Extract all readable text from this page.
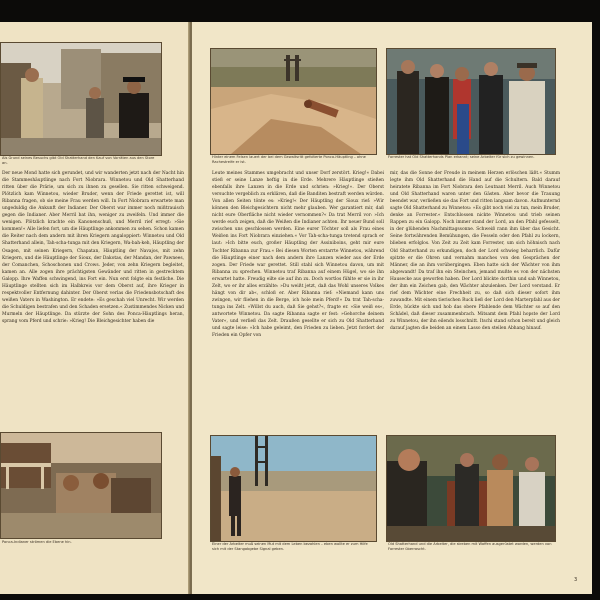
Als Grund seines Besuchs gibt Old Shatterhand den Kauf von Vorräten aus den Store an.
Der neue Mond hatte sich gerundet, und wir wanderten jetzt nach der Nacht hin die Stammeshäuptlinge nach Fort Niobrara. Winnetou und Old Shatterhand ritten über die Prärie, um sich zu ihnen zu gesellen. Sie ritten schweigend. Plötzlich kam Winnetou, wieder Bruder, wenn der Friede gerettet ist, will Ribanna fragen, ob sie meine Frau werden will. In Fort Niobrara erwartete man ungeduldig die Ankunft der Indianer. Der Oberst war immer noch mißtrauisch gegen die Indianer. Aber Merril bat ihn, weniger zu zweifeln. Und immer die wenigen. Plötzlich krachte ein Kanonenschuß, und Merril rief erregt: »Sie kommen!« Alle liefen fort, um die Häuptlinge ankommen zu sehen. Schon kamen die Reiter nach dem andern mit ihren Kriegern angaloppiert: Winnetou und Old Shatterhand allein, Tah-scha-tunga mit den Kriegern, Wa-bah-keh, Häuptling der Osagen, mit seinen Kriegern, Chapatan, Häuptling der Navajos, mit zehn Kriegern, und die Häuptlinge der Sioux, der Dakotas, der Mandan, der Pawnees, der Comanchen, Schoschonen und Crows. Jeder, von zehn Kriegern begleitet, kamen an. Alle zogen ihre prächtigsten Gewänder und ritten in gestrecktem Galopp. Ihre Waffen schwingend, ins Fort ein. Nun erst folgte ein festliche. Die Häuptlinge stellten sich im Halbkreis vor dem Oberst auf, ihre Krieger in respektvoller Entfernung dahinter. Der Oberst verlas die Friedensbotschaft des weißen Vaters in Washington. Er endete: »Es geschah viel Unrecht. Wir werden die Schuldigen bestrafen und den Schaden ersetzen.« Zustimmendes Nicken und Murmeln der Häuptlinge. Da stürzte der Sohn des Ponca-Häuptlings heran, sprang vom Pferd und schrie: »Krieg! Die Bleichgesichter haben die
Ponca-Indianer strömen die Ebene hin.
Hinter einem Felsen lauert der bei dem Gewaltsritt gefolterte Ponca-Häuptling – ohne Rachestreife er ist.
Forrester hat Old Shatterhands Plan erkannt; seine Arbeiter für sich zu gewinnen.
Leute meines Stammes umgebracht und unser Dorf zerstört. Krieg!« Dabei stieß er seine Lanze heftig in die Erde. Mehrere Häuptlinge stießen ebenfalls ihre Lanzen in die Erde und schrien: »Krieg!«. Der Oberst versuchte vergeblich zu erklären, daß die Banditen bestraft werden würden. Von allen Seiten tönte es: »Krieg!« Der Häuptling der Sioux rief: »Wir können den Bleichgesichtern nicht mehr glauben. Wer garantiert mir, daß nicht eure Oberfläche nicht wieder vernommen?« Da trat Merril vor: »Ich werde euch zeigen, daß die Weißen die Indianer achten. Ihr neuer Bund soll zwischen uns geschlossen werden. Eine eurer Töchter soll als Frau eines Weißen ins Fort Niobrara einziehen.« Vor Tah-scha-tunga tretend sprach er laut: »Ich bitte euch, großer Häuptling der Assiniboins, geht mir eure Tochter Ribanna zur Frau.« Bei diesen Worten erstarrte Winnetou, während die Häuptlinge einer nach dem andern ihre Lanzen wieder aus der Erde zogen. Der Friede war gerettet. Still stahl sich Winnetou davon, um mit Ribanna zu sprechen. Winnetou traf Ribanna auf einem Hügel, wo sie ihn erwartet hatte. Freudig eilte sie auf ihn zu. Doch wortlos fühlte er sie in ihr Zelt, wo er ihr alles erzählte: »Du weißt jetzt, daß das Wohl unseres Volkes hängt von dir ab«, schloß er. Aber Ribanna rief: »Niemand kann uns zwingen, wir fliehen in die Berge, ich hole mein Pferd!« Da trat Tah-scha-tunga ins Zelt. »Willst du auch, daß Sie gehst?«, fragte er. »Sie weiß es«, antwortete Winnetou. Da sagte Ribanna sagte er fest: »Gehorche deinem Vater«, und verließ das Zelt. Draußen gesellte er sich zu Old Shatterhand und sagte leise: »Ich habe geleimt, den Frieden zu lieben. Jetzt fordert der Frieden ein Opfer von
mir, das die Sonne der Freude in meinem Herzen erlöschen läßt.« Stumm legte ihm Old Shatterhand die Hand auf die Schultern. Bald darauf heiratete Ribanna im Fort Niobrara den Leutnant Merril. Auch Winnetou und Old Shatterhand waren unter den Gästen. Aber bevor die Trauung beendet war, verließen sie das Fort und ritten langsam davon. Aufmunternd sagte Old Shatterhand zu Winnetou: »Es gibt noch viel zu tun, mein Bruder, denke an Forrester.« Entschlossen nickte Winnetou und trieb seinen Rappen zu ein Galopp. Noch immer stand der Lord, an den Pfahl gefesselt, in der glühenden Nachmittagssonne. Schweiß rann ihm über das Gesicht. Seine fortwährenden Bemühungen, die Fesseln oder den Pfahl zu lockern, blieben erfolglos. Von Zeit zu Zeit kam Forrester, um sich höhnisch nach Old Shatterhand zu erkundigen, doch der Lord schwieg beharrlich. Dafür spitzte er die Ohren und vernahm manches von den Gesprächen der Männer, die an ihm vorübergingen. Eben hatte sich der Wächter von ihm abgewandt! Da traf ihn ein Steinchen, jemand mußte es von der nächsten Hausecke aus geworfen haben. Der Lord blickte dorthin und sah Winnetou, der ihm ein Zeichen gab, den Wächter abzulenken. Der Lord verstand. Er rief dem Wächter eine Frechheit zu, so daß sich dieser sofort ihm zuwandte. Mit einem tierischen Ruck ließ der Lord den Marterpfahl aus der Erde, bückte sich und hob das obere Pfahlende dem Wächter so auf den Schädel, daß dieser zusammenbrach. Mitsamt dem Pfahl hopste der Lord zu Winnetou, der ihn eilends losschnitt. Itschi stand schon bereit und gleich darauf jagten die beiden an einem Lasso den steilen Abhang hinauf.
Einer der Arbeiter muß seinen Mut mit dem Leben bezahlen – eben wollte er zum Hilfe sich mit der Stangabgebe Signal geben.
Old Shatterhand und die Arbeiter, die streben mit Waffen ausgerüstet worden, werden von Forrester überrascht.
3
